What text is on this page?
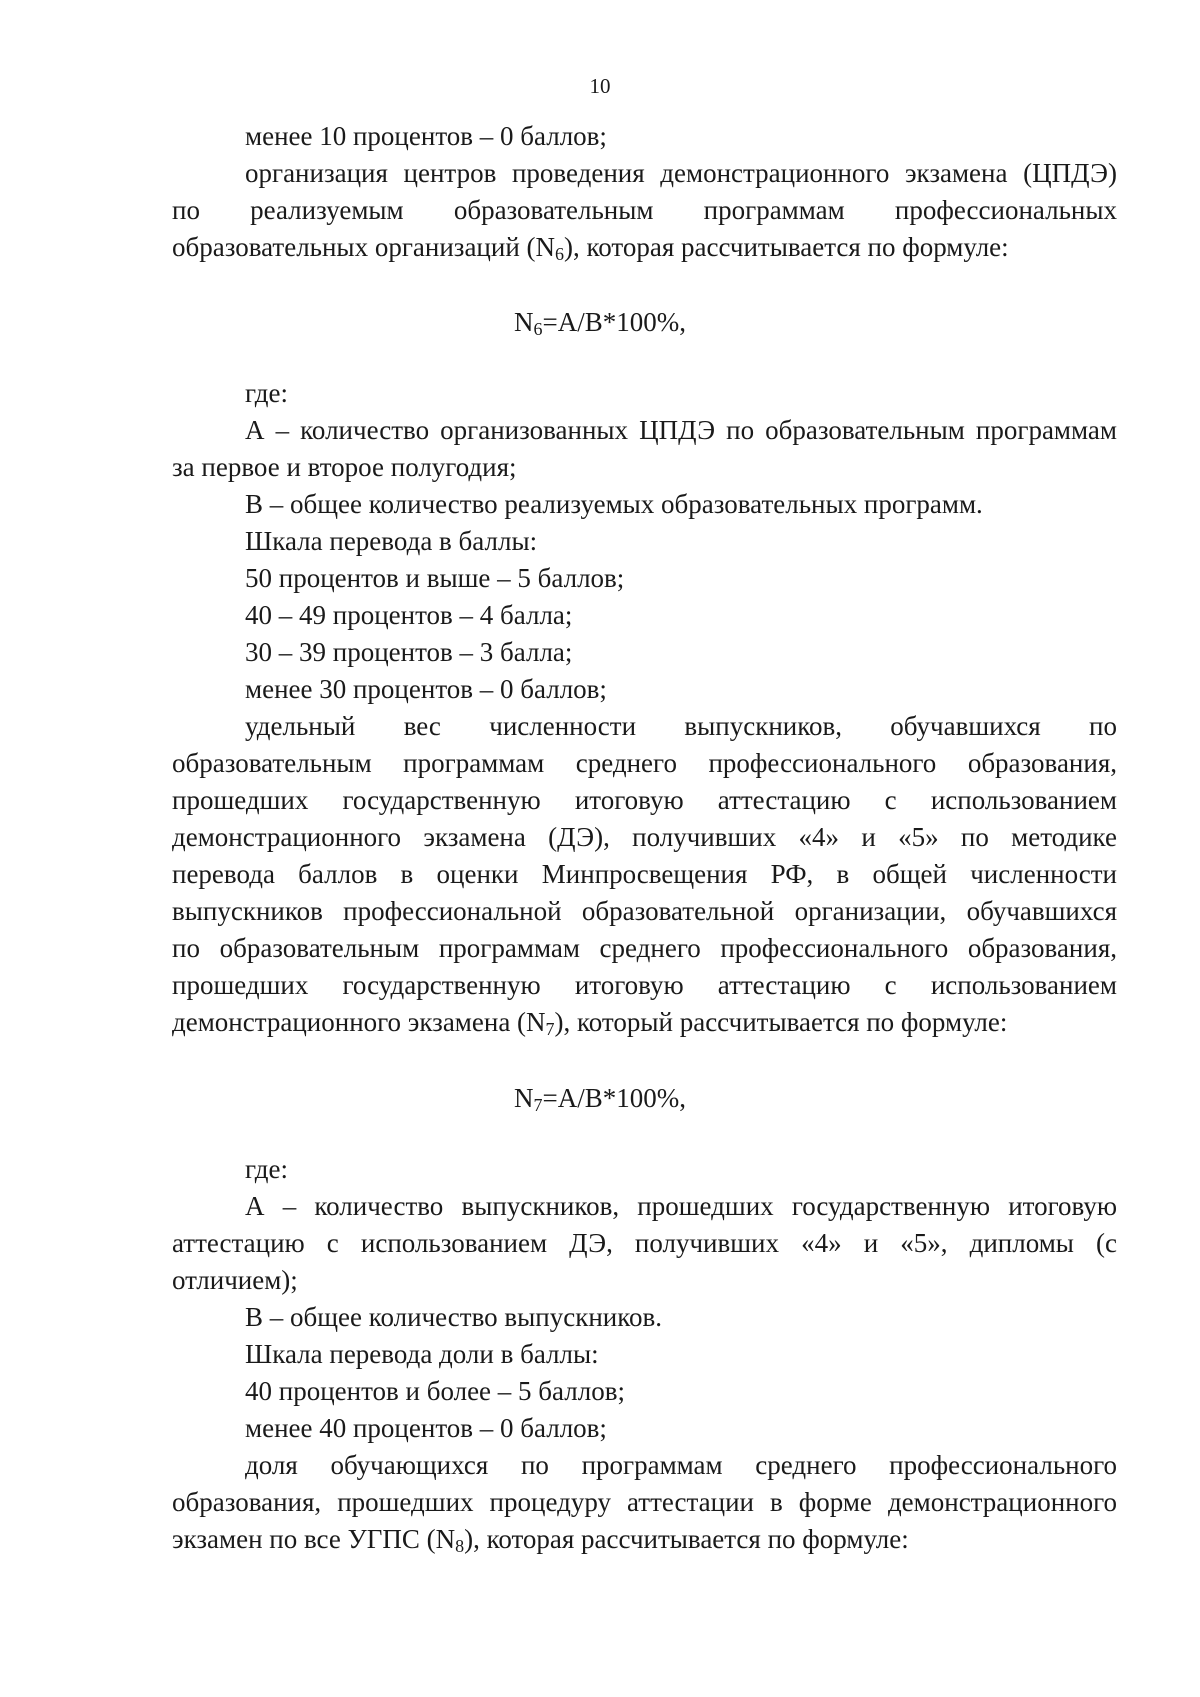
10
менее 10 процентов – 0 баллов;
организация центров проведения демонстрационного экзамена (ЦПДЭ)
по реализуемым образовательным программам профессиональных
образовательных организаций $(N_6)$, которая рассчитывается по формуле:
$N_6=A/B*100\%$,
где:
А – количество организованных ЦПДЭ по образовательным программам
за первое и второе полугодия;
В – общее количество реализуемых образовательных программ.
Шкала перевода в баллы:
50 процентов и выше – 5 баллов;
40 – 49 процентов – 4 балла;
30 – 39 процентов – 3 балла;
менее 30 процентов – 0 баллов;
удельный вес численности выпускников, обучавшихся по
образовательным программам среднего профессионального образования,
прошедших государственную итоговую аттестацию с использованием
демонстрационного экзамена (ДЭ), получивших «4» и «5» по методике
перевода баллов в оценки Минпросвещения РФ, в общей численности
выпускников профессиональной образовательной организации, обучавшихся
по образовательным программам среднего профессионального образования,
прошедших государственную итоговую аттестацию с использованием
демонстрационного экзамена $(N_7)$, который рассчитывается по формуле:
$N_7=A/B*100\%$,
где:
А – количество выпускников, прошедших государственную итоговую
аттестацию с использованием ДЭ, получивших «4» и «5», дипломы (с
отличием);
В – общее количество выпускников.
Шкала перевода доли в баллы:
40 процентов и более – 5 баллов;
менее 40 процентов – 0 баллов;
доля обучающихся по программам среднего профессионального
образования, прошедших процедуру аттестации в форме демонстрационного
экзамен по все УГПС $(N_8)$, которая рассчитывается по формуле:
